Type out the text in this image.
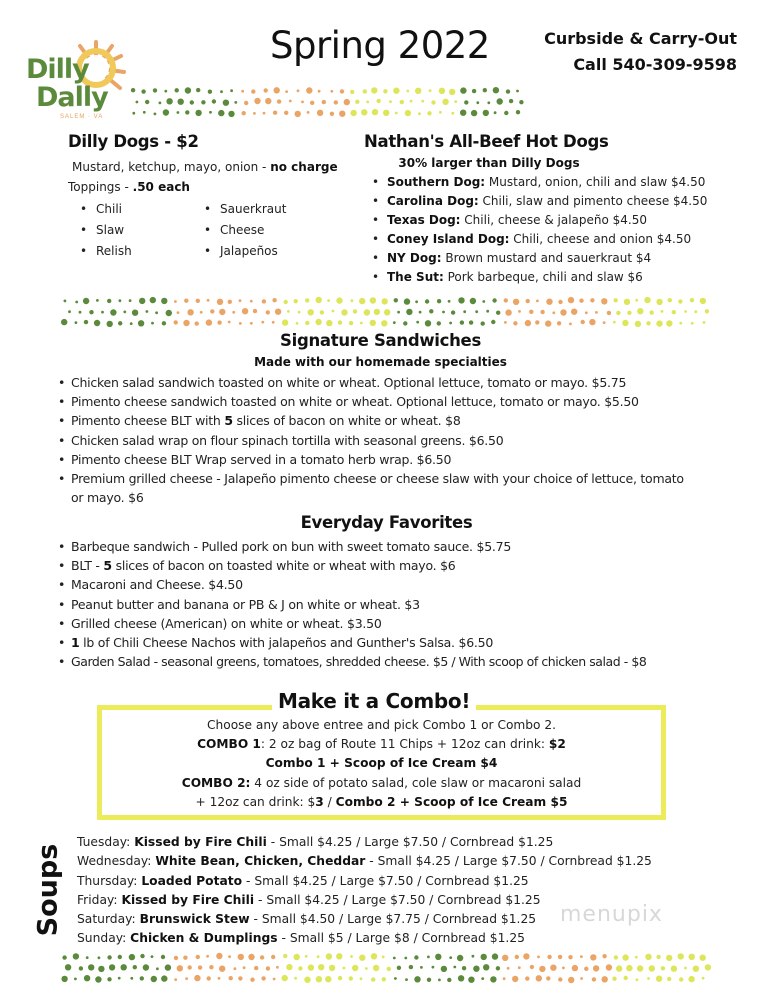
Dilly
Dally
SALEM · VA
Spring 2022	Curbside & Carry-Out
Call 540-309-9598
Dilly Dogs - $2
Mustard, ketchup, mayo, onion - no charge
Toppings - .50 each
• Chili	• Sauerkraut
• Slaw	• Cheese
• Relish	• Jalapeños
Nathan's All-Beef Hot Dogs
30% larger than Dilly Dogs
• Southern Dog: Mustard, onion, chili and slaw $4.50
• Carolina Dog: Chili, slaw and pimento cheese $4.50
• Texas Dog: Chili, cheese & jalapeño $4.50
• Coney Island Dog: Chili, cheese and onion $4.50
• NY Dog: Brown mustard and sauerkraut $4
• The Sut: Pork barbeque, chili and slaw $6
Signature Sandwiches
Made with our homemade specialties
• Chicken salad sandwich toasted on white or wheat. Optional lettuce, tomato or mayo. $5.75
• Pimento cheese sandwich toasted on white or wheat. Optional lettuce, tomato or mayo. $5.50
• Pimento cheese BLT with 5 slices of bacon on white or wheat. $8
• Chicken salad wrap on flour spinach tortilla with seasonal greens. $6.50
• Pimento cheese BLT Wrap served in a tomato herb wrap. $6.50
• Premium grilled cheese - Jalapeño pimento cheese or cheese slaw with your choice of lettuce, tomato or mayo. $6
Everyday Favorites
• Barbeque sandwich - Pulled pork on bun with sweet tomato sauce. $5.75
• BLT - 5 slices of bacon on toasted white or wheat with mayo. $6
• Macaroni and Cheese. $4.50
• Peanut butter and banana or PB & J on white or wheat. $3
• Grilled cheese (American) on white or wheat. $3.50
• 1 lb of Chili Cheese Nachos with jalapeños and Gunther's Salsa. $6.50
• Garden Salad - seasonal greens, tomatoes, shredded cheese. $5 / With scoop of chicken salad - $8
Make it a Combo!
Choose any above entree and pick Combo 1 or Combo 2.
COMBO 1: 2 oz bag of Route 11 Chips + 12oz can drink: $2
Combo 1 + Scoop of Ice Cream $4
COMBO 2: 4 oz side of potato salad, cole slaw or macaroni salad
+ 12oz can drink: $3 / Combo 2 + Scoop of Ice Cream $5
Soups
Tuesday: Kissed by Fire Chili - Small $4.25 / Large $7.50 / Cornbread $1.25
Wednesday: White Bean, Chicken, Cheddar - Small $4.25 / Large $7.50 / Cornbread $1.25
Thursday: Loaded Potato - Small $4.25 / Large $7.50 / Cornbread $1.25
Friday: Kissed by Fire Chili - Small $4.25 / Large $7.50 / Cornbread $1.25
Saturday: Brunswick Stew - Small $4.50 / Large $7.75 / Cornbread $1.25
Sunday: Chicken & Dumplings - Small $5 / Large $8 / Cornbread $1.25
menupix
